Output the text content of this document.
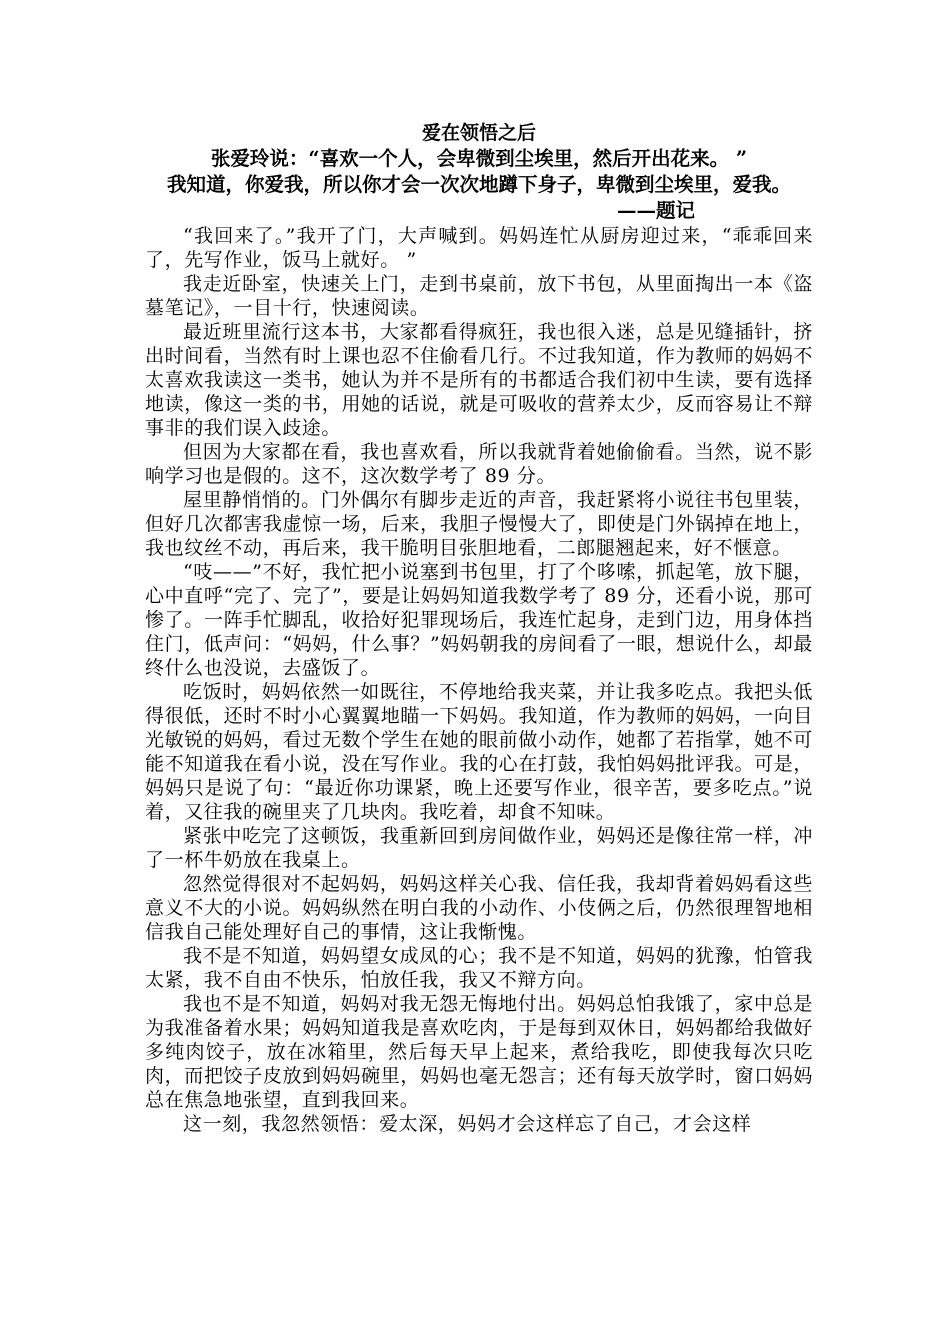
爱在领悟之后

张爱玲说：“喜欢一个人，会卑微到尘埃里，然后开出花来。 ”

我知道，你爱我，所以你才会一次次地蹲下身子，卑微到尘埃里，爱我。

——题记

“我回来了。”我开了门，大声喊到。妈妈连忙从厨房迎过来，“乖乖回来了，先写作业，饭马上就好。 ”

我走近卧室，快速关上门，走到书桌前，放下书包，从里面掏出一本《盗墓笔记》，一目十行，快速阅读。

最近班里流行这本书，大家都看得疯狂，我也很入迷，总是见缝插针，挤出时间看，当然有时上课也忍不住偷看几行。不过我知道，作为教师的妈妈不太喜欢我读这一类书，她认为并不是所有的书都适合我们初中生读，要有选择地读，像这一类的书，用她的话说，就是可吸收的营养太少，反而容易让不辩事非的我们误入歧途。

但因为大家都在看，我也喜欢看，所以我就背着她偷偷看。当然，说不影响学习也是假的。这不，这次数学考了 89 分。

屋里静悄悄的。门外偶尔有脚步走近的声音，我赶紧将小说往书包里装，但好几次都害我虚惊一场，后来，我胆子慢慢大了，即使是门外锅掉在地上，我也纹丝不动，再后来，我干脆明目张胆地看，二郎腿翘起来，好不惬意。

“吱——”不好，我忙把小说塞到书包里，打了个哆嗦，抓起笔，放下腿，心中直呼“完了、完了”，要是让妈妈知道我数学考了 89 分，还看小说，那可惨了。一阵手忙脚乱，收拾好犯罪现场后，我连忙起身，走到门边，用身体挡住门，低声问：“妈妈，什么事？”妈妈朝我的房间看了一眼，想说什么，却最终什么也没说，去盛饭了。

吃饭时，妈妈依然一如既往，不停地给我夹菜，并让我多吃点。我把头低得很低，还时不时小心翼翼地瞄一下妈妈。我知道，作为教师的妈妈，一向目光敏锐的妈妈，看过无数个学生在她的眼前做小动作，她都了若指掌，她不可能不知道我在看小说，没在写作业。我的心在打鼓，我怕妈妈批评我。可是，妈妈只是说了句：“最近你功课紧，晚上还要写作业，很辛苦，要多吃点。”说着，又往我的碗里夹了几块肉。我吃着，却食不知味。

紧张中吃完了这顿饭，我重新回到房间做作业，妈妈还是像往常一样，冲了一杯牛奶放在我桌上。

忽然觉得很对不起妈妈，妈妈这样关心我、信任我，我却背着妈妈看这些意义不大的小说。妈妈纵然在明白我的小动作、小伎俩之后，仍然很理智地相信我自己能处理好自己的事情，这让我惭愧。

我不是不知道，妈妈望女成凤的心；我不是不知道，妈妈的犹豫，怕管我太紧，我不自由不快乐，怕放任我，我又不辩方向。

我也不是不知道，妈妈对我无怨无悔地付出。妈妈总怕我饿了，家中总是为我准备着水果；妈妈知道我是喜欢吃肉，于是每到双休日，妈妈都给我做好多纯肉饺子，放在冰箱里，然后每天早上起来，煮给我吃，即使我每次只吃肉，而把饺子皮放到妈妈碗里，妈妈也毫无怨言；还有每天放学时，窗口妈妈总在焦急地张望，直到我回来。

这一刻，我忽然领悟：爱太深，妈妈才会这样忘了自己，才会这样
